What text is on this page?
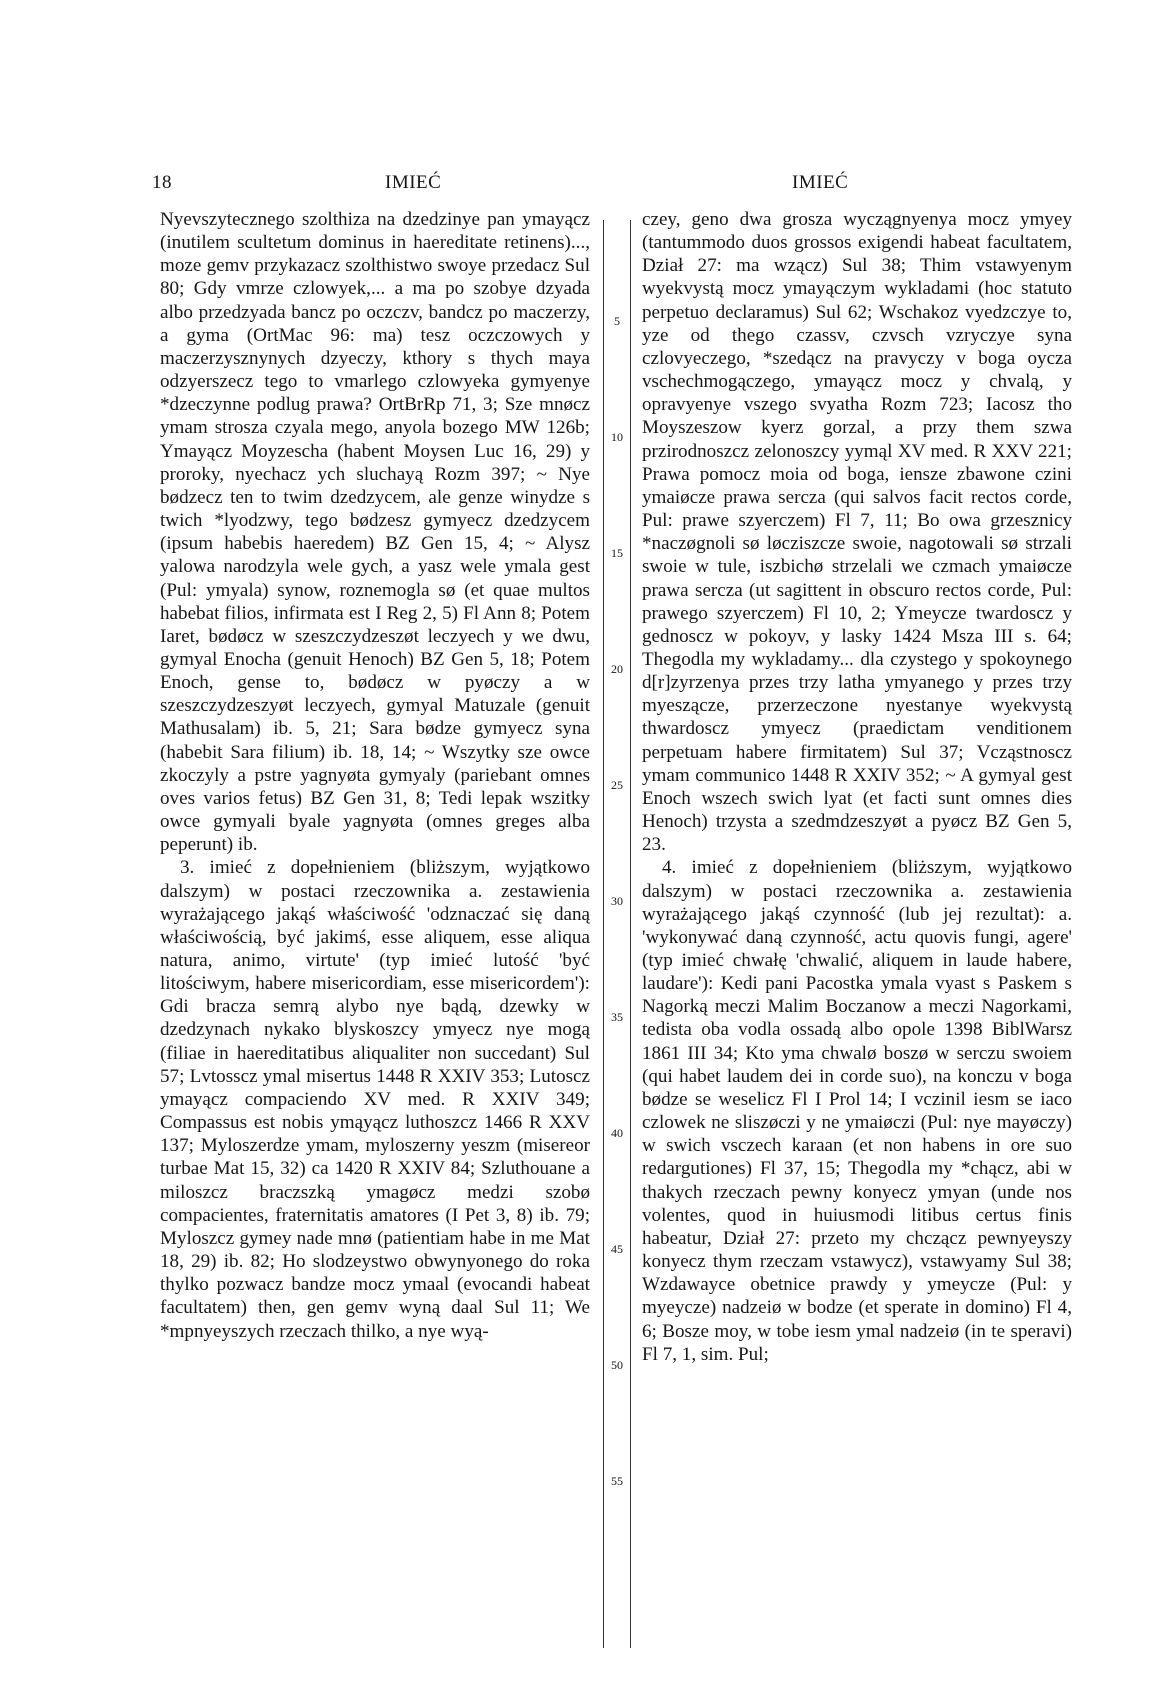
18	IMIEĆ	IMIEĆ

Nyevszytecznego szolthiza na dzedzinye pan ymayącz (inutilem scultetum dominus in haereditate retinens)..., moze gemv przykazacz szolthistwo swoye przedacz Sul 80; Gdy vmrze czlowyek,... a ma po szobye dzyada albo przedzyada bancz po oczczv, bandcz po maczerzy, a gyma (OrtMac 96: ma) tesz oczczowych y maczerzysznynych dzyeczy, kthory s thych maya odzyerszecz tego to vmarlego czlowyeka gymyenye *dzeczynne podlug prawa? OrtBrRp 71, 3; Sze mnøcz ymam strosza czyala mego, anyola bozego MW 126b; Ymayącz Moyzescha (habent Moysen Luc 16, 29) y proroky, nyechacz ych sluchayą Rozm 397; ~ Nye bødzecz ten to twim dzedzycem, ale genze winydze s twich *lyodzwy, tego bødzesz gymyecz dzedzycem (ipsum habebis haeredem) BZ Gen 15, 4; ~ Alysz yalowa narodzyla wele gych, a yasz wele ymala gest (Pul: ymyala) synow, roznemogla sø (et quae multos habebat filios, infirmata est I Reg 2, 5) Fl Ann 8; Potem Iaret, bødøcz w szeszczydzeszøt leczyech y we dwu, gymyal Enocha (genuit Henoch) BZ Gen 5, 18; Potem Enoch, gense to, bødøcz w pyøczy a w szeszczydzeszyøt leczyech, gymyal Matuzale (genuit Mathusalam) ib. 5, 21; Sara bødze gymyecz syna (habebit Sara filium) ib. 18, 14; ~ Wszytky sze owce zkoczyly a pstre yagnyøta gymyaly (pariebant omnes oves varios fetus) BZ Gen 31, 8; Tedi lepak wszitky owce gymyali byale yagnyøta (omnes greges alba peperunt) ib.

3. imieć z dopełnieniem (bliższym, wyjątkowo dalszym) w postaci rzeczownika a. zestawienia wyrażającego jakąś właściwość 'odznaczać się daną właściwością, być jakimś, esse aliquem, esse aliqua natura, animo, virtute' (typ imieć lutość 'być litościwym, habere misericordiam, esse misericordem'): Gdi bracza semrą alybo nye bądą, dzewky w dzedzynach nykako blyskoszcy ymyecz nye mogą (filiae in haereditatibus aliqualiter non succedant) Sul 57; Lvtosscz ymal misertus 1448 R XXIV 353; Lutoscz ymayącz compaciendo XV med. R XXIV 349; Compassus est nobis ymąyącz luthoszcz 1466 R XXV 137; Myloszerdze ymam, myloszerny yeszm (misereor turbae Mat 15, 32) ca 1420 R XXIV 84; Szluthouane a miloszcz braczszką ymagøcz medzi szobø compacientes, fraternitatis amatores (I Pet 3, 8) ib. 79; Myloszcz gymey nade mnø (patientiam habe in me Mat 18, 29) ib. 82; Ho slodzeystwo obwynyonego do roka thylko pozwacz bandze mocz ymaal (evocandi habeat facultatem) then, gen gemv wyną daal Sul 11; We *mpnyeyszych rzeczach thilko, a nye wyą-

5
10
15
20
25
30
35
40
45
50
55

czey, geno dwa grosza wyczągnyenya mocz ymyey (tantummodo duos grossos exigendi habeat facultatem, Dział 27: ma wząсz) Sul 38; Thim vstawyenym wyekvystą mocz ymayączym wykladami (hoc statuto perpetuo declaramus) Sul 62; Wschakoz vyedzczye to, yze od thego czassv, czvsch vzryczye syna czlovyeczego, *szedącz na pravyczy v boga oycza vschechmogączego, ymayącz mocz y chvalą, y opravyenye vszego svyatha Rozm 723; Iacosz tho Moyszeszow kyerz gorzal, a przy them szwa przirodnoszcz zelonoszcy yymąl XV med. R XXV 221; Prawa pomocz moia od boga, iensze zbawone czini ymaiøcze prawa sercza (qui salvos facit rectos corde, Pul: prawe szyerczem) Fl 7, 11; Bo owa grzesznicy *naczøgnoli sø løcziszcze swoie, nagotowali sø strzali swoie w tule, iszbichø strzelali we czmach ymaiøcze prawa sercza (ut sagittent in obscuro rectos corde, Pul: prawego szyerczem) Fl 10, 2; Ymeycze twardoscz y gednoscz w pokoyv, y lasky 1424 Msza III s. 64; Thegodla my wykladamy... dla czystego y spokoynego d[r]zyrzenya przes trzy latha ymyanego y przes trzy myesząсze, przerzeczone nyestanye wyekvystą thwardoscz ymyecz (praedictam venditionem perpetuam habere firmitatem) Sul 37; Vcząstnoscz ymam communico 1448 R XXIV 352; ~ A gymyal gest Enoch wszech swich lyat (et facti sunt omnes dies Henoch) trzysta a szedmdzeszyøt a pyøcz BZ Gen 5, 23.

4. imieć z dopełnieniem (bliższym, wyjątkowo dalszym) w postaci rzeczownika a. zestawienia wyrażającego jakąś czynność (lub jej rezultat): a. 'wykonywać daną czynność, actu quovis fungi, agere' (typ imieć chwałę 'chwalić, aliquem in laude habere, laudare'): Kedi pani Pacostka ymala vyast s Paskem s Nagorką meczi Malim Boczanow a meczi Nagorkami, tedista oba vodla ossadą albo opole 1398 BiblWarsz 1861 III 34; Kto yma chwalø boszø w serczu swoiem (qui habet laudem dei in corde suo), na konczu v boga bødze se weselicz Fl I Prol 14; I vczinil iesm se iaco czlowek ne sliszøczi y ne ymaiøczi (Pul: nye mayøczy) w swich vsczech karaan (et non habens in ore suo redargutiones) Fl 37, 15; Thegodla my *chącz, abi w thakych rzeczach pewny konyecz ymyan (unde nos volentes, quod in huiusmodi litibus certus finis habeatur, Dział 27: przeto my chczącz pewnyeyszy konyecz thym rzeczam vstawycz), vstawyamy Sul 38; Wzdawayce obetnice prawdy y ymeycze (Pul: y myeycze) nadzeiø w bodze (et sperate in domino) Fl 4, 6; Bosze moy, w tobe iesm ymal nadzeiø (in te speravi) Fl 7, 1, sim. Pul;
